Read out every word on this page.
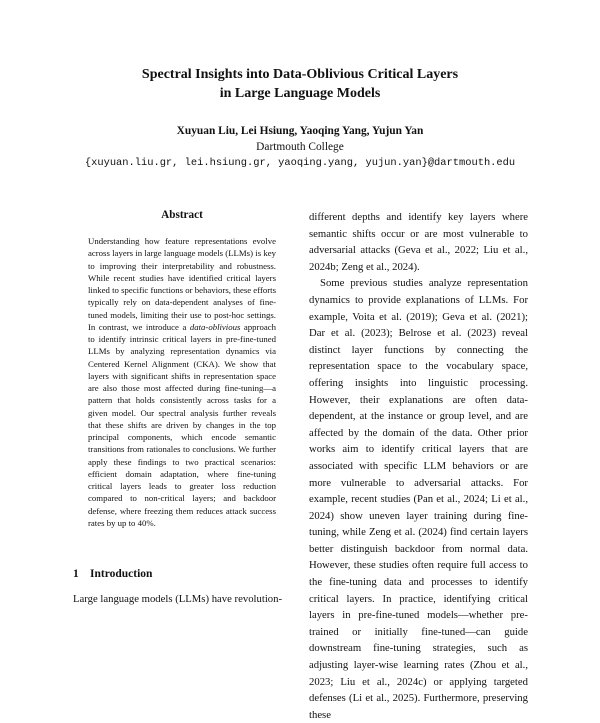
Spectral Insights into Data-Oblivious Critical Layers
in Large Language Models
Xuyuan Liu, Lei Hsiung, Yaoqing Yang, Yujun Yan
Dartmouth College
{xuyuan.liu.gr, lei.hsiung.gr, yaoqing.yang, yujun.yan}@dartmouth.edu
Abstract

Understanding how feature representations evolve across layers in large language models (LLMs) is key to improving their interpretability and robustness. While recent studies have identified critical layers linked to specific functions or behaviors, these efforts typically rely on data-dependent analyses of fine-tuned models, limiting their use to post-hoc settings. In contrast, we introduce a data-oblivious approach to identify intrinsic critical layers in pre-fine-tuned LLMs by analyzing representation dynamics via Centered Kernel Alignment (CKA). We show that layers with significant shifts in representation space are also those most affected during fine-tuning—a pattern that holds consistently across tasks for a given model. Our spectral analysis further reveals that these shifts are driven by changes in the top principal components, which encode semantic transitions from rationales to conclusions. We further apply these findings to two practical scenarios: efficient domain adaptation, where fine-tuning critical layers leads to greater loss reduction compared to non-critical layers; and backdoor defense, where freezing them reduces attack success rates by up to 40%.

1 Introduction
Large language models (LLMs) have revolution-

different depths and identify key layers where semantic shifts occur or are most vulnerable to adversarial attacks (Geva et al., 2022; Liu et al., 2024b; Zeng et al., 2024).

Some previous studies analyze representation dynamics to provide explanations of LLMs. For example, Voita et al. (2019); Geva et al. (2021); Dar et al. (2023); Belrose et al. (2023) reveal distinct layer functions by connecting the representation space to the vocabulary space, offering insights into linguistic processing. However, their explanations are often data-dependent, at the instance or group level, and are affected by the domain of the data. Other prior works aim to identify critical layers that are associated with specific LLM behaviors or are more vulnerable to adversarial attacks. For example, recent studies (Pan et al., 2024; Li et al., 2024) show uneven layer training during fine-tuning, while Zeng et al. (2024) find certain layers better distinguish backdoor from normal data. However, these studies often require full access to the fine-tuning data and processes to identify critical layers. In practice, identifying critical layers in pre-fine-tuned models—whether pre-trained or initially fine-tuned—can guide downstream fine-tuning strategies, such as adjusting layer-wise learning rates (Zhou et al., 2023; Liu et al., 2024c) or applying targeted defenses (Li et al., 2025). Furthermore, preserving these
